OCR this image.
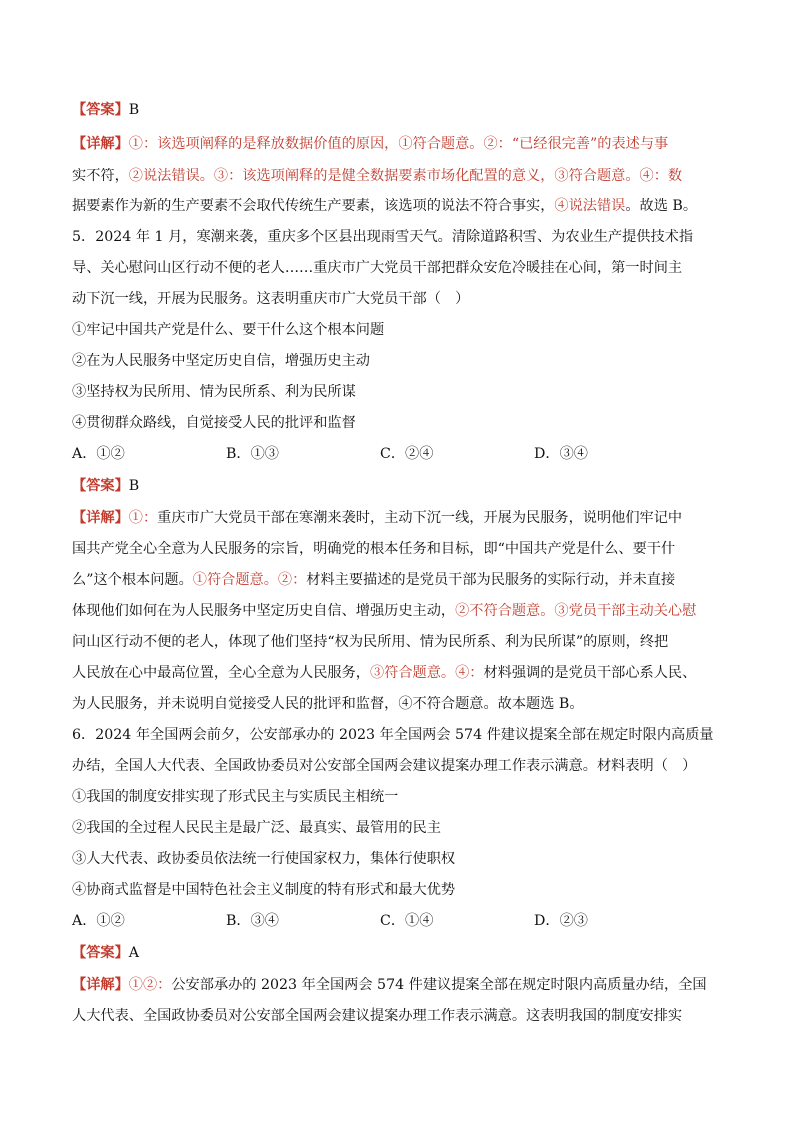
【答案】B
【详解】①：该选项阐释的是释放数据价值的原因，①符合题意。②：“已经很完善”的表述与事
实不符，②说法错误。③：该选项阐释的是健全数据要素市场化配置的意义，③符合题意。④：数
据要素作为新的生产要素不会取代传统生产要素，该选项的说法不符合事实，④说法错误。故选 B。
5．2024 年 1 月，寒潮来袭，重庆多个区县出现雨雪天气。清除道路积雪、为农业生产提供技术指
导、关心慰问山区行动不便的老人……重庆市广大党员干部把群众安危冷暖挂在心间，第一时间主
动下沉一线，开展为民服务。这表明重庆市广大党员干部（　）
①牢记中国共产党是什么、要干什么这个根本问题
②在为人民服务中坚定历史自信，增强历史主动
③坚持权为民所用、情为民所系、利为民所谋
④贯彻群众路线，自觉接受人民的批评和监督
A．①②	B．①③	C．②④	D．③④
【答案】B
【详解】①：重庆市广大党员干部在寒潮来袭时，主动下沉一线，开展为民服务，说明他们牢记中
国共产党全心全意为人民服务的宗旨，明确党的根本任务和目标，即“中国共产党是什么、要干什
么”这个根本问题。①符合题意。②：材料主要描述的是党员干部为民服务的实际行动，并未直接
体现他们如何在为人民服务中坚定历史自信、增强历史主动，②不符合题意。③党员干部主动关心慰
问山区行动不便的老人，体现了他们坚持“权为民所用、情为民所系、利为民所谋”的原则，终把
人民放在心中最高位置，全心全意为人民服务，③符合题意。④：材料强调的是党员干部心系人民、
为人民服务，并未说明自觉接受人民的批评和监督，④不符合题意。故本题选 B。
6．2024 年全国两会前夕，公安部承办的 2023 年全国两会 574 件建议提案全部在规定时限内高质量
办结，全国人大代表、全国政协委员对公安部全国两会建议提案办理工作表示满意。材料表明（　）
①我国的制度安排实现了形式民主与实质民主相统一
②我国的全过程人民民主是最广泛、最真实、最管用的民主
③人大代表、政协委员依法统一行使国家权力，集体行使职权
④协商式监督是中国特色社会主义制度的特有形式和最大优势
A．①②	B．③④	C．①④	D．②③
【答案】A
【详解】①②：公安部承办的 2023 年全国两会 574 件建议提案全部在规定时限内高质量办结，全国
人大代表、全国政协委员对公安部全国两会建议提案办理工作表示满意。这表明我国的制度安排实
